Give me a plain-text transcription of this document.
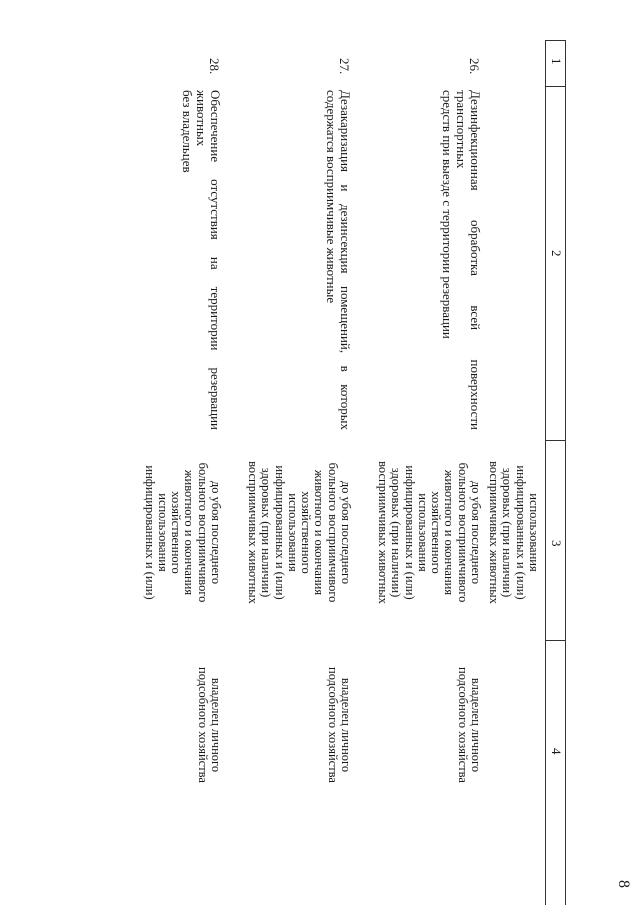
8
1
2
3
4
использования
инфицированных и (или)
здоровых (при наличии)
восприимчивых животных
26.
Дезинфекционная обработка всей поверхности транспортных
средств при выезде с территории резервации
до убоя последнего
больного восприимчивого
животного и окончания
хозяйственного
использования
инфицированных и (или)
здоровых (при наличии)
восприимчивых животных
владелец личного
подсобного хозяйства
27.
Дезакаризация и дезинсекция помещений, в которых
содержатся восприимчивые животные
до убоя последнего
больного восприимчивого
животного и окончания
хозяйственного
использования
инфицированных и (или)
здоровых (при наличии)
восприимчивых животных
владелец личного
подсобного хозяйства
28.
Обеспечение отсутствия на территории резервации животных
без владельцев
до убоя последнего
больного восприимчивого
животного и окончания
хозяйственного
использования
инфицированных и (или)
владелец личного
подсобного хозяйства
